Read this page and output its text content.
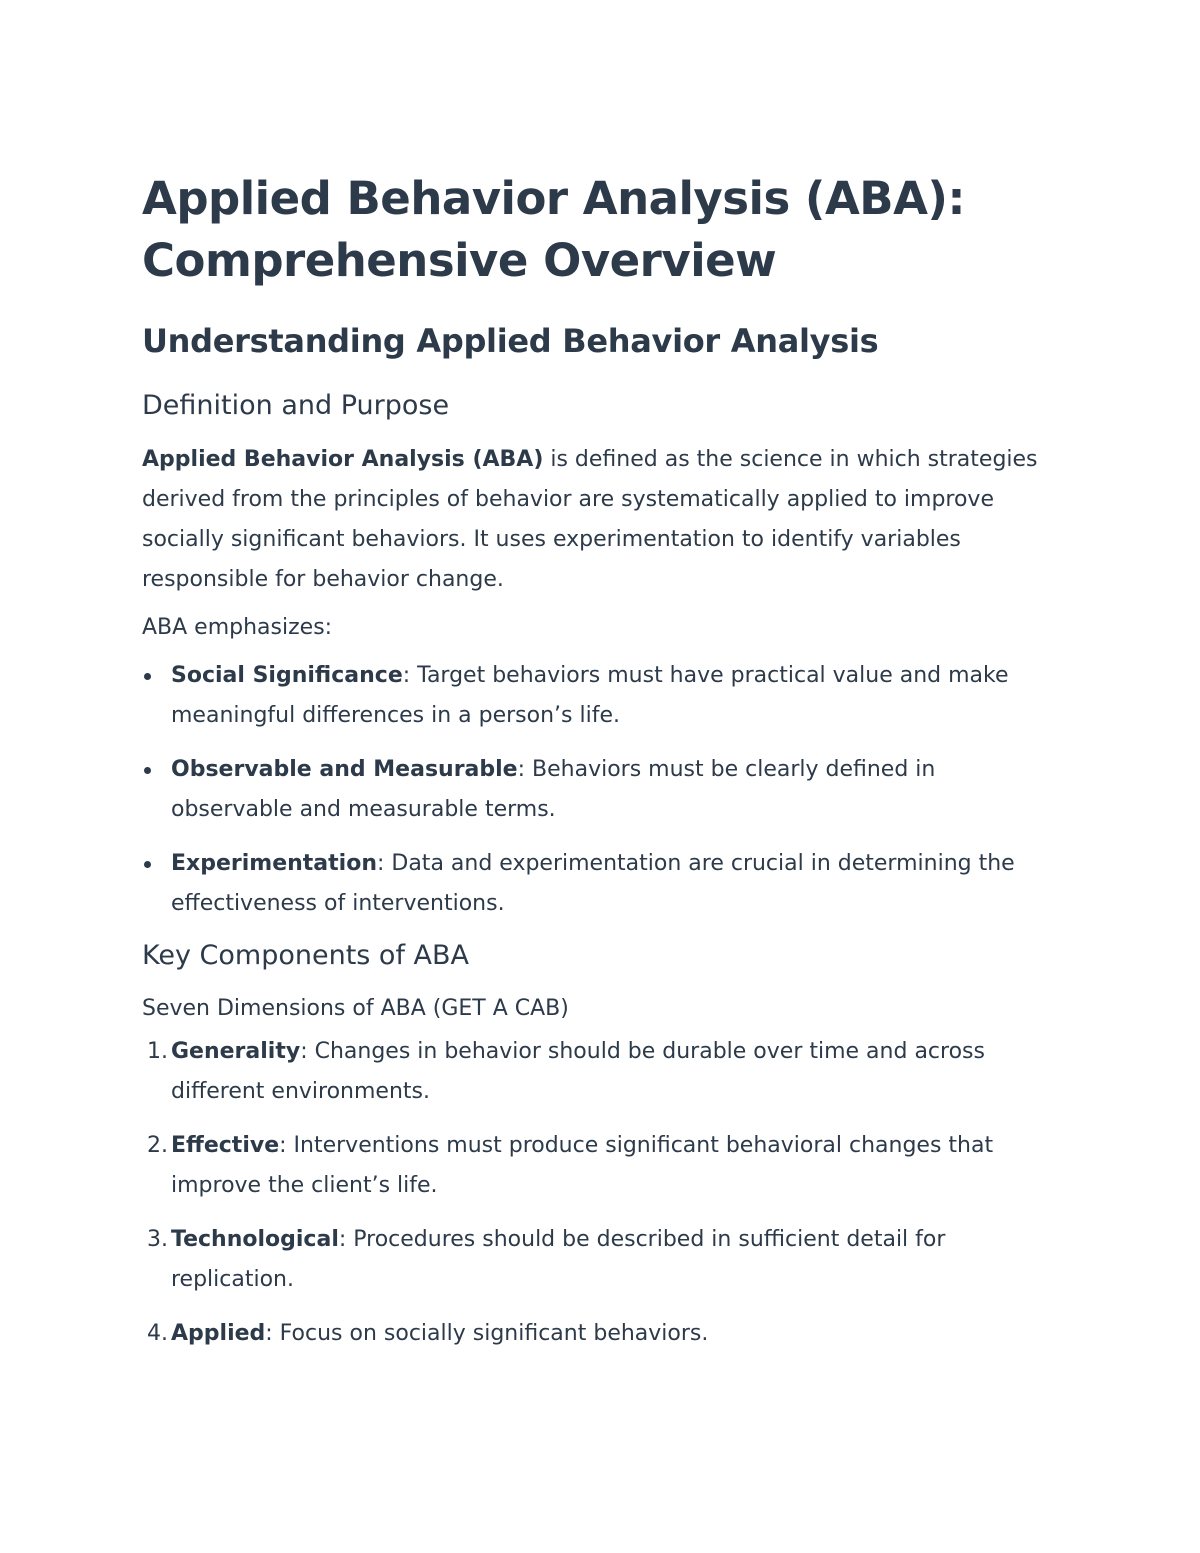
Applied Behavior Analysis (ABA): Comprehensive Overview
Understanding Applied Behavior Analysis
Definition and Purpose

Applied Behavior Analysis (ABA) is defined as the science in which strategies derived from the principles of behavior are systematically applied to improve socially significant behaviors. It uses experimentation to identify variables responsible for behavior change.

ABA emphasizes:

Social Significance: Target behaviors must have practical value and make meaningful differences in a person’s life.
Observable and Measurable: Behaviors must be clearly defined in observable and measurable terms.
Experimentation: Data and experimentation are crucial in determining the effectiveness of interventions.
Key Components of ABA
Seven Dimensions of ABA (GET A CAB)
1. Generality: Changes in behavior should be durable over time and across different environments.
2. Effective: Interventions must produce significant behavioral changes that improve the client’s life.
3. Technological: Procedures should be described in sufficient detail for replication.
4. Applied: Focus on socially significant behaviors.
